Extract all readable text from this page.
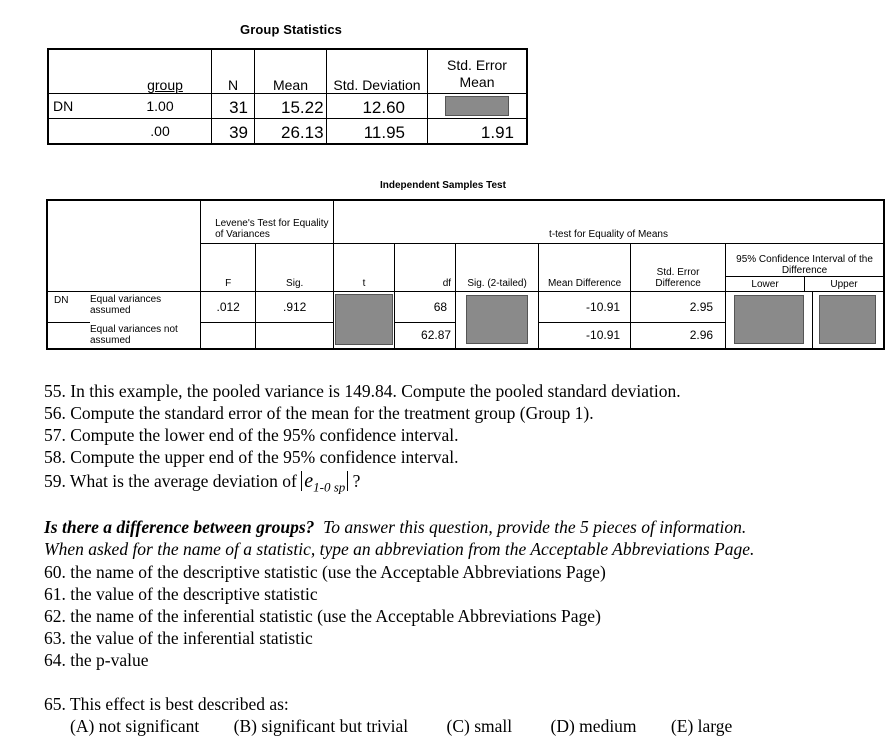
Group Statistics
	group	N	Mean	Std. Deviation	Std. Error Mean
DN	1.00	31	15.22	12.60	
	.00	39	26.13	11.95	1.91
Independent Samples Test
		Levene's Test for Equality of Variances		t-test for Equality of Means						
		F	Sig.	t	df	Sig. (2-tailed)	Mean Difference	Std. Error Difference	95% Confidence Interval of the Difference
Lower Upper	

DN	Equal variances assumed	.012	.912		68		-10.91	2.95		
	Equal variances not assumed				62.87		-10.91	2.96		
55. In this example, the pooled variance is 149.84. Compute the pooled standard deviation.
56. Compute the standard error of the mean for the treatment group (Group 1).
57. Compute the lower end of the 95% confidence interval.
58. Compute the upper end of the 95% confidence interval.
59. What is the average deviation of $e_{1-0 sp}$ ?
Is there a difference between groups?  To answer this question, provide the 5 pieces of information.
When asked for the name of a statistic, type an abbreviation from the Acceptable Abbreviations Page.
60. the name of the descriptive statistic (use the Acceptable Abbreviations Page)
61. the value of the descriptive statistic
62. the name of the inferential statistic (use the Acceptable Abbreviations Page)
63. the value of the inferential statistic
64. the p-value
65. This effect is best described as:
(A) not significant (B) significant but trivial (C) small (D) medium (E) large
